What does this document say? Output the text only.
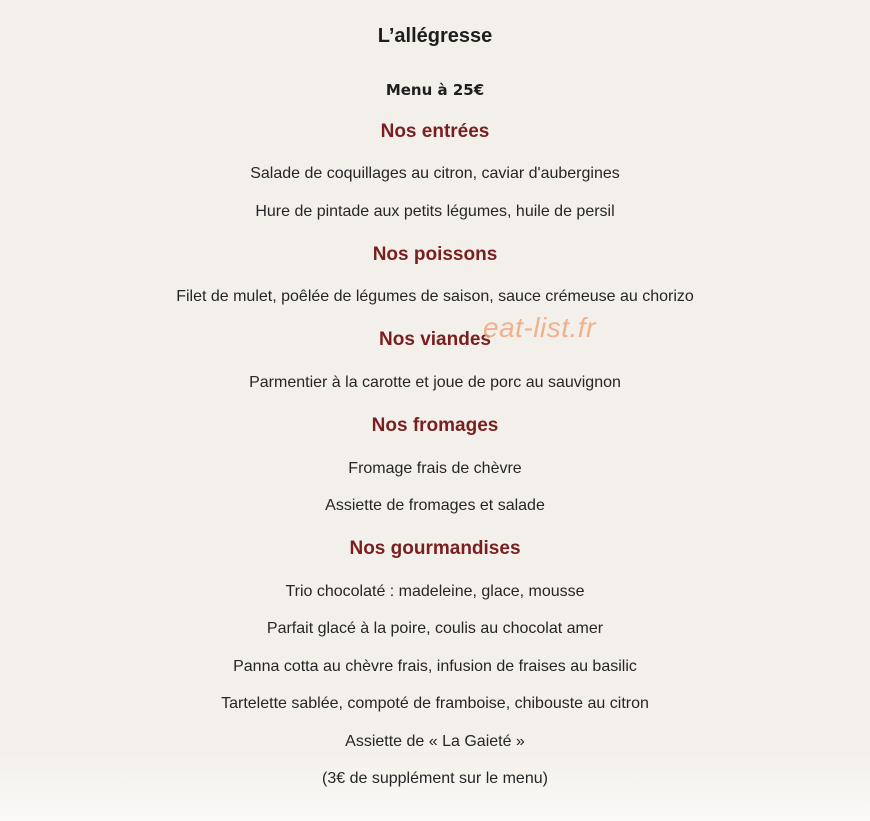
L’allégresse
Menu à 25€
Nos entrées
Salade de coquillages au citron, caviar d'aubergines
Hure de pintade aux petits légumes, huile de persil
Nos poissons
Filet de mulet, poêlée de légumes de saison, sauce crémeuse au chorizo
Nos viandes
Parmentier à la carotte et joue de porc au sauvignon
Nos fromages
Fromage frais de chèvre
Assiette de fromages et salade
Nos gourmandises
Trio chocolaté : madeleine, glace, mousse
Parfait glacé à la poire, coulis au chocolat amer
Panna cotta au chèvre frais, infusion de fraises au basilic
Tartelette sablée, compoté de framboise, chibouste au citron
Assiette de « La Gaieté »
(3€ de supplément sur le menu)
eat-list.fr
